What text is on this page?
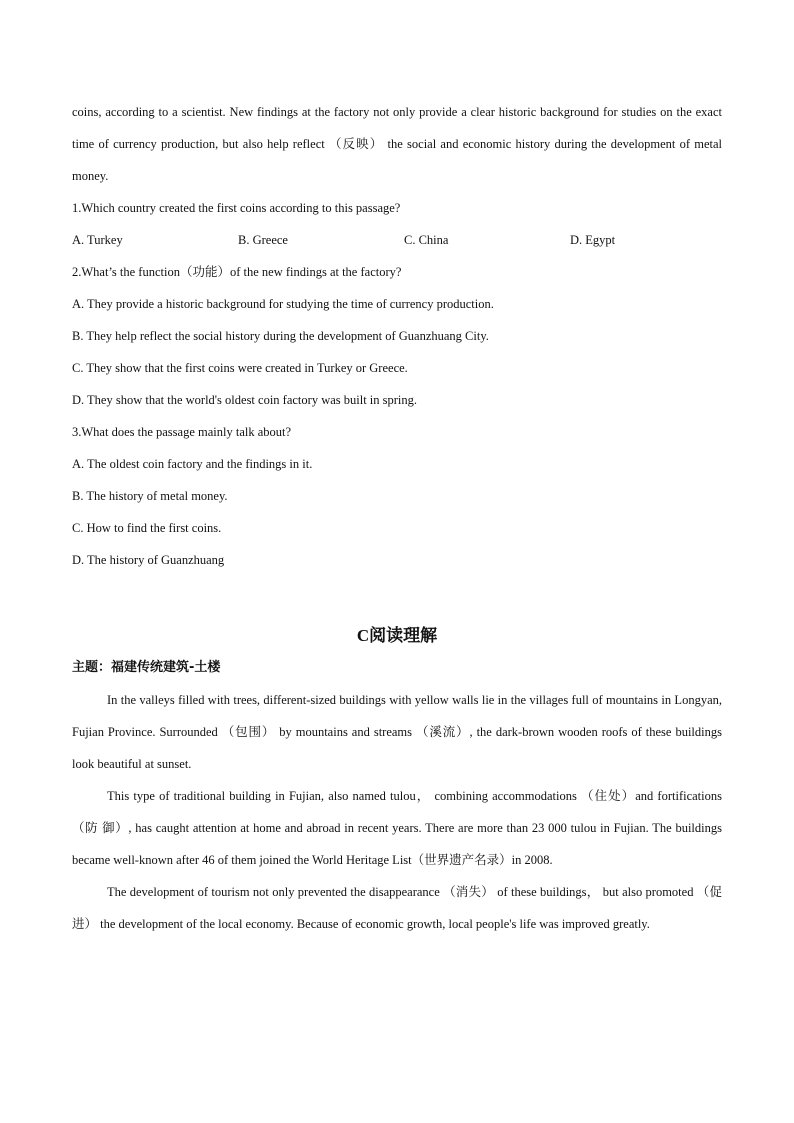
coins, according to a scientist. New findings at the factory not only provide a clear historic background for studies on the exact time of currency production, but also help reflect （反映） the social and economic history during the development of metal money.

1.Which country created the first coins according to this passage?

A. Turkey	B. Greece	C. China	D. Egypt

2.What’s the function（功能）of the new findings at the factory?

A. They provide a historic background for studying the time of currency production.

B. They help reflect the social history during the development of Guanzhuang City.

C. They show that the first coins were created in Turkey or Greece.

D. They show that the world's oldest coin factory was built in spring.

3.What does the passage mainly talk about?

A. The oldest coin factory and the findings in it.

B. The history of metal money.

C. How to find the first coins.

D. The history of Guanzhuang

C阅读理解

主题：福建传统建筑-土楼

In the valleys filled with trees, different-sized buildings with yellow walls lie in the villages full of mountains in Longyan, Fujian Province. Surrounded （包围） by mountains and streams （溪流）, the dark-brown wooden roofs of these buildings look beautiful at sunset.

This type of traditional building in Fujian, also named tulou， combining accommodations （住处）and fortifications（防 御）, has caught attention at home and abroad in recent years. There are more than 23 000 tulou in Fujian. The buildings became well-known after 46 of them joined the World Heritage List（世界遗产名录）in 2008.

The development of tourism not only prevented the disappearance （消失） of these buildings， but also promoted （促进） the development of the local economy. Because of economic growth, local people's life was improved greatly.
